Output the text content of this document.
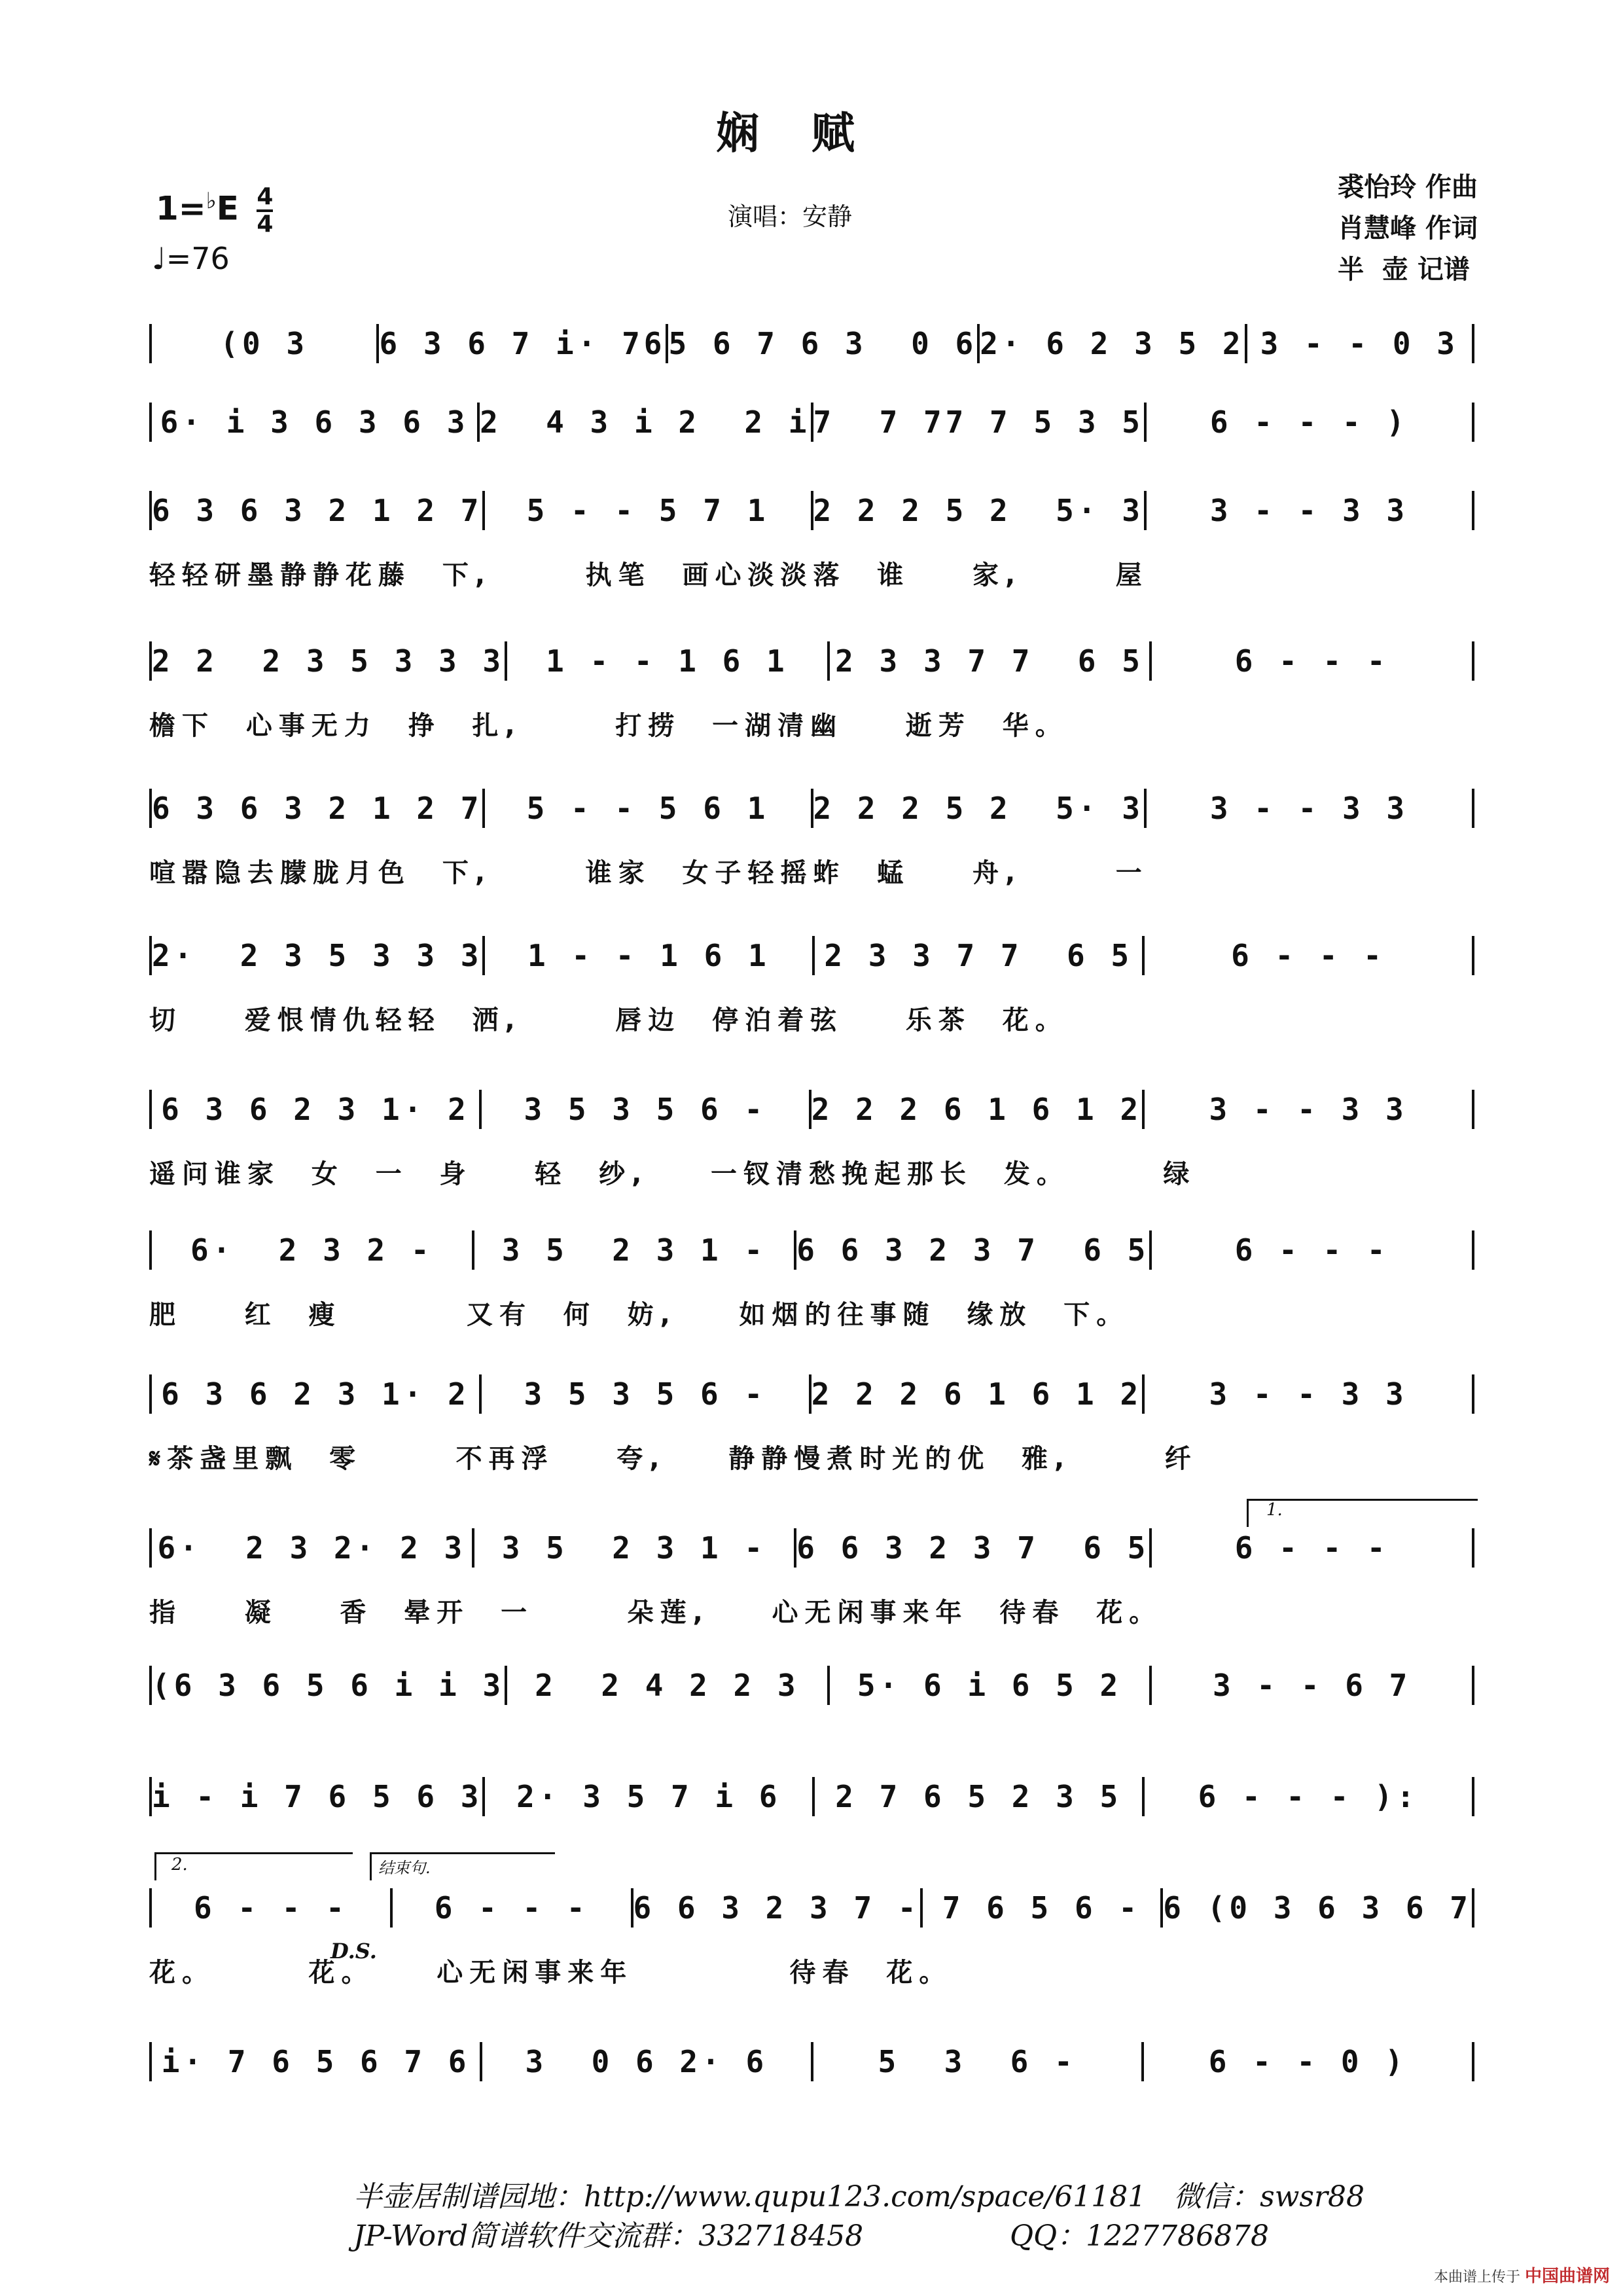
娴赋
$1=^♭E \frac{4}{4}$
♩=76
演唱：安静
裘怡玲 作曲
肖慧峰 作词
半  壶 记谱
(0 3	6 3 6 7 i· 76 5 6 7 6 3  0 6 2· 6 2 3 5 2 3 - - 0 3
6· i 3 6 3 6 3 2  4 3 i 2  2 i 7  7 77 7 5 3 5	6 - - - )
6 3 6 3 2 1 2 7	5 - - 5 7 1	2 2 2 5 2  5· 3	3 - - 3 3
轻轻研墨静静花藤  下,      执笔  画心淡淡落  谁    家,      屋
2 2  2 3 5 3 3 3	1 - - 1 6 1	2 3 3 7 7  6 5	6 - - -
檐下  心事无力  挣  扎,      打捞  一湖清幽    逝芳  华。
6 3 6 3 2 1 2 7	5 - - 5 6 1	2 2 2 5 2  5· 3	3 - - 3 3
喧嚣隐去朦胧月色  下,      谁家  女子轻摇蚱  蜢    舟,      一
2·  2 3 5 3 3 3	1 - - 1 6 1	2 3 3 7 7  6 5	6 - - -
切    爱恨情仇轻轻  洒,      唇边  停泊着弦    乐茶  花。
6 3 6 2 3 1· 2	3 5 3 5 6 -	2 2 2 6 1 6 1 2	3 - - 3 3
遥问谁家  女  一  身    轻  纱,    一钗清愁挽起那长  发。      绿
6·  2 3 2 -	3 5  2 3 1 -	6 6 3 2 3 7  6 5	6 - - -
肥    红  瘦        又有  何  妨,    如烟的往事随  缘放  下。
6 3 6 2 3 1· 2	3 5 3 5 6 -	2 2 2 6 1 6 1 2	3 - - 3 3
𝄋茶盏里飘  零      不再浮    夸,    静静慢煮时光的优  雅,      纤
6·  2 3 2· 2 3	3 5  2 3 1 -	6 6 3 2 3 7  6 5	6 - - -
指    凝    香  晕开  一      朵莲,    心无闲事来年  待春  花。
(6 3 6 5 6 i i 3	2  2 4 2 2 3	5· 6 i 6 5 2	3 - - 6 7
i - i 7 6 5 6 3	2· 3 5 7 i 6	2 7 6 5 2 3 5	6 - - - ):
6 - - -	6 - - -	6 6 3 2 3 7 - 7 6 5 6 - 6 (0 3 6 3 6 7
花。      花。    心无闲事来年          待春  花。
i· 7 6 5 6 7 6	3  0 6 2· 6	5  3  6 -	6 - - 0 )
1.
2.	结束句.
D.S.
半壶居制谱园地：http://www.qupu123.com/space/61181   微信：swsr88
JP-Word简谱软件交流群：332718458                QQ：1227786878
本曲谱上传于 中国曲谱网
